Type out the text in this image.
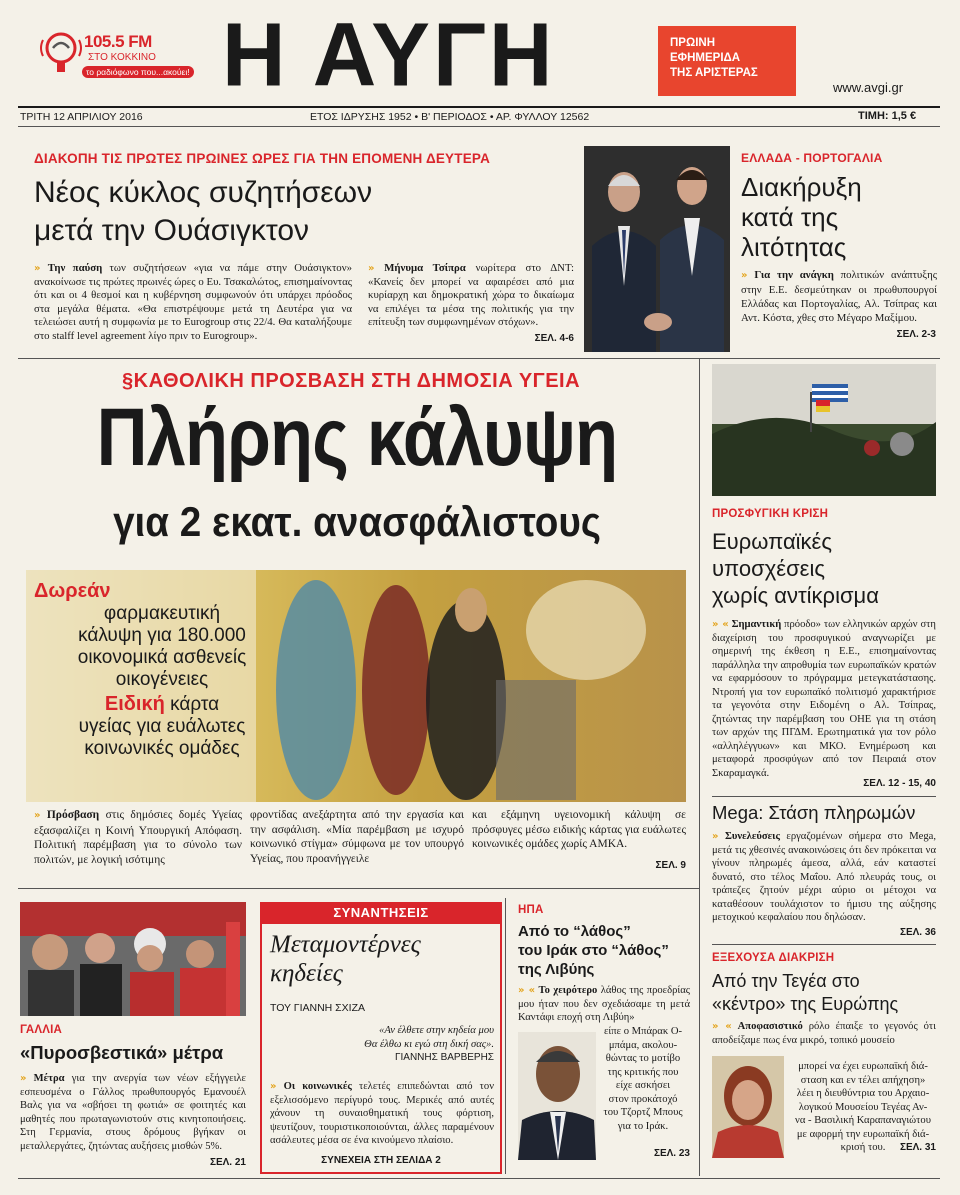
105.5 FM
ΣΤΟ ΚΟΚΚΙΝΟ
το ραδιόφωνο που...ακούει! Η ΑΥΓΗ	ΠΡΩΙΝΗ
ΕΦΗΜΕΡΙΔΑ
ΤΗΣ ΑΡΙΣΤΕΡΑΣ
www.avgi.gr
ΤΡΙΤΗ 12 ΑΠΡΙΛΙΟΥ 2016	ΕΤΟΣ ΙΔΡΥΣΗΣ 1952 • Β' ΠΕΡΙΟΔΟΣ • ΑΡ. ΦΥΛΛΟΥ 12562	ΤΙΜΗ: 1,5 €
ΔΙΑΚΟΠΗ ΤΙΣ ΠΡΩΤΕΣ ΠΡΩΙΝΕΣ ΩΡΕΣ ΓΙΑ ΤΗΝ ΕΠΟΜΕΝΗ ΔΕΥΤΕΡΑ
Νέος κύκλος συζητήσεων
μετά την Ουάσιγκτον
» Την παύση των συζητήσεων «για να πάμε στην Ουάσιγκτον» ανακοίνωσε τις πρώτες πρωινές ώρες ο Ευ. Τσακαλώτος, επισημαίνοντας ότι και οι 4 θεσμοί και η κυβέρνηση συμφωνούν ότι υπάρχει πρόοδος στα μεγάλα θέματα. «Θα επιστρέψουμε μετά τη Δευτέρα για να τελειώσει αυτή η συμφωνία με το Eurogroup στις 22/4. Θα καταλήξουμε στο stalff level agreement λίγο πριν το Eurogroup».
» Μήνυμα Τσίπρα νωρίτερα στο ΔΝΤ: «Κανείς δεν μπορεί να αφαιρέσει από μια κυρίαρχη και δημοκρατική χώρα το δικαίωμα να επιλέγει τα μέσα της πολιτικής για την επίτευξη των συμφωνημένων στόχων».
ΣΕΛ. 4-6
ΕΛΛΑΔΑ - ΠΟΡΤΟΓΑΛΙΑ
Διακήρυξη
κατά της
λιτότητας
» Για την ανάγκη πολιτικών ανάπτυξης στην Ε.Ε. δεσμεύτηκαν οι πρωθυπουργοί Ελλάδας και Πορτογαλίας, Αλ. Τσίπρας και Αντ. Κόστα, χθες στο Μέγαρο Μαξίμου.
ΣΕΛ. 2-3
§ΚΑΘΟΛΙΚΗ ΠΡΟΣΒΑΣΗ ΣΤΗ ΔΗΜΟΣΙΑ ΥΓΕΙΑ
Πλήρης κάλυψη
για 2 εκατ. ανασφάλιστους
Δωρεάν
φαρμακευτική
κάλυψη για 180.000
οικονομικά ασθενείς
οικογένειες
Ειδική κάρτα
υγείας για ευάλωτες
κοινωνικές ομάδες
» Πρόσβαση στις δημόσιες δομές Υγείας εξασφαλίζει η Κοινή Υπουργική Απόφαση. Πολιτική παρέμβαση για το σύνολο των πολιτών, με λογική ισότιμης
φροντίδας ανεξάρτητα από την εργασία και την ασφάλιση. «Μία παρέμβαση με ισχυρό κοινωνικό στίγμα» σύμφωνα με τον υπουργό Υγείας, που προανήγγειλε
και εξάμηνη υγειονομική κάλυψη σε πρόσφυγες μέσω ειδικής κάρτας για ευάλωτες κοινωνικές ομάδες χωρίς ΑΜΚΑ.
ΣΕΛ. 9
ΠΡΟΣΦΥΓΙΚΗ ΚΡΙΣΗ
Ευρωπαϊκές
υποσχέσεις
χωρίς αντίκρισμα
» « Σημαντική πρόοδο» των ελληνικών αρχών στη διαχείριση του προσφυγικού αναγνωρίζει με σημερινή της έκθεση η Ε.Ε., επισημαίνοντας παράλληλα την απροθυμία των ευρωπαϊκών κρατών να εφαρμόσουν το πρόγραμμα μετεγκατάστασης. Ντροπή για τον ευρωπαϊκό πολιτισμό χαρακτήρισε τα γεγονότα στην Ειδομένη ο Αλ. Τσίπρας, ζητώντας την παρέμβαση του ΟΗΕ για τη στάση των αρχών της ΠΓΔΜ. Ερωτηματικά για τον ρόλο «αλληλέγγυων» και ΜΚΟ. Ενημέρωση και μεταφορά προσφύγων από τον Πειραιά στον Σκαραμαγκά.
ΣΕΛ. 12 - 15, 40
Mega: Στάση πληρωμών
» Συνελεύσεις εργαζομένων σήμερα στο Mega, μετά τις χθεσινές ανακοινώσεις ότι δεν πρόκειται να γίνουν πληρωμές άμεσα, αλλά, εάν καταστεί δυνατό, στο τέλος Μαΐου. Από πλευράς τους, οι τράπεζες ζητούν μέχρι αύριο οι μέτοχοι να καταθέσουν τουλάχιστον το ήμισυ της αύξησης μετοχικού κεφαλαίου που δηλώσαν.
ΣΕΛ. 36
ΓΑΛΛΙΑ
«Πυροσβεστικά» μέτρα
» Μέτρα για την ανεργία των νέων εξήγγειλε εσπευσμένα ο Γάλλος πρωθυπουργός Εμανουέλ Βαλς για να «σβήσει τη φωτιά» σε φοιτητές και μαθητές που πρωταγωνιστούν στις κινητοποιήσεις. Στη Γερμανία, στους δρόμους βγήκαν οι μεταλλεργάτες, ζητώντας αυξήσεις μισθών 5%.
ΣΕΛ. 21
ΣΥΝΑΝΤΗΣΕΙΣ
Μεταμοντέρνες
κηδείες
ΤΟΥ ΓΙΑΝΝΗ ΣΧΙΖΑ
«Αν έλθετε στην κηδεία μου
Θα έλθω κι εγώ στη δική σας».
ΓΙΑΝΝΗΣ ΒΑΡΒΕΡΗΣ
» Οι κοινωνικές τελετές επιπεδώνται από τον εξελισσόμενο περίγυρό τους. Μερικές από αυτές χάνουν τη συναισθηματική τους φόρτιση, ψευτίζουν, τουριστικοποιούνται, άλλες παραμένουν ασάλευτες μέσα σε ένα κινούμενο πλαίσιο.
ΣΥΝΕΧΕΙΑ ΣΤΗ ΣΕΛΙΔΑ 2
ΗΠΑ
Από το “λάθος”
του Ιράκ στο “λάθος”
της Λιβύης
» « Το χειρότερο λάθος της προεδρίας μου ήταν που δεν σχεδιάσαμε τη μετά Καντάφι εποχή στη Λιβύη»
είπε ο Μπάρακ Ο-
μπάμα, ακολου-
θώντας το μοτίβο
της κριτικής που
είχε ασκήσει
στον προκάτοχό
του Τζορτζ Μπους
για το Ιράκ.
ΣΕΛ. 23
ΕΞΕΧΟΥΣΑ ΔΙΑΚΡΙΣΗ
Από την Τεγέα στο
«κέντρο» της Ευρώπης
» « Αποφασιστικό ρόλο έπαιξε το γεγονός ότι αποδείξαμε πως ένα μικρό, τοπικό μουσείο
μπορεί να έχει ευρωπαϊκή διά-
σταση και εν τέλει απήχηση»
λέει η διευθύντρια του Αρχαιο-
λογικού Μουσείου Τεγέας Αν-
να - Βασιλική Καραπαναγιώτου
με αφορμή την ευρωπαϊκή διά-
κρισή του.	ΣΕΛ. 31
